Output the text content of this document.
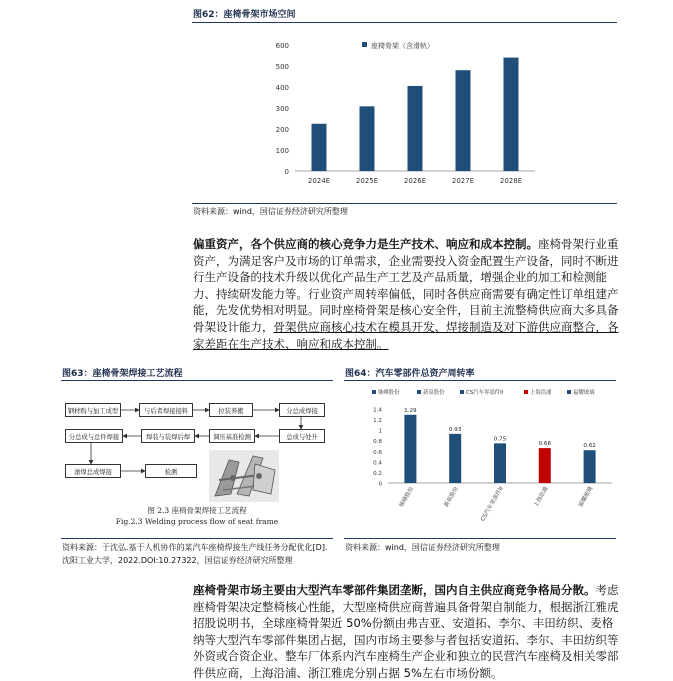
图62：座椅骨架市场空间
0
100
200
300
400
500
600
2024E	2025E	2026E	2027E	2028E
座椅骨架（含滑轨）
资料来源：wind，国信证券经济研究所整理
偏重资产，各个供应商的核心竞争力是生产技术、响应和成本控制。座椅骨架行业重资产，为满足客户及市场的订单需求，企业需要投入资金配置生产设备，同时不断进行生产设备的技术升级以优化产品生产工艺及产品质量，增强企业的加工和检测能力、持续研发能力等。行业资产周转率偏低，同时各供应商需要有确定性订单组建产能，先发优势相对明显。同时座椅骨架是核心安全件，目前主流整椅供应商大多具备骨架设计能力，骨架供应商核心技术在模具开发、焊接制造及对下游供应商整合，各家差距在生产技术、响应和成本控制。
图63：座椅骨架焊接工艺流程
钢材购与加工成型	与后者焊接接料	拉装养搬	分总成焊接
分总成与总件焊接	焊装与装焊后焊	调压基准检测	总成与处升
滚焊总成焊接	检测
图 2.3 座椅骨架焊接工艺流程
Fig.2.3 Welding process flow of seat frame
资料来源：于沈弘.基于人机协作的某汽车座椅焊接生产线任务分配优化[D].沈阳工业大学，2022.DOI:10.27322，国信证券经济研究所整理
图64：汽车零部件总资产周转率
0
0.2
0.4
0.6
0.8
1
1.2
1.4	1.29
0.93
0.75
0.66	0.62
继峰股份	新泉股份	CS汽车零部件II	上海沿浦	福耀玻璃
继峰股份	新泉股份	CS汽车零部件II	上海沿浦	福耀玻璃
资料来源：wind，国信证券经济研究所整理
座椅骨架市场主要由大型汽车零部件集团垄断，国内自主供应商竞争格局分散。考虑座椅骨架决定整椅核心性能，大型座椅供应商普遍具备骨架自制能力，根据浙江雅虎招股说明书，全球座椅骨架近 50%份额由弗吉亚、安道拓、李尔、丰田纺织、麦格纳等大型汽车零部件集团占据，国内市场主要参与者包括安道拓、李尔、丰田纺织等外资或合资企业、整车厂体系内汽车座椅生产企业和独立的民营汽车座椅及相关零部件供应商，上海沿浦、浙江雅虎分别占据 5%左右市场份额。
